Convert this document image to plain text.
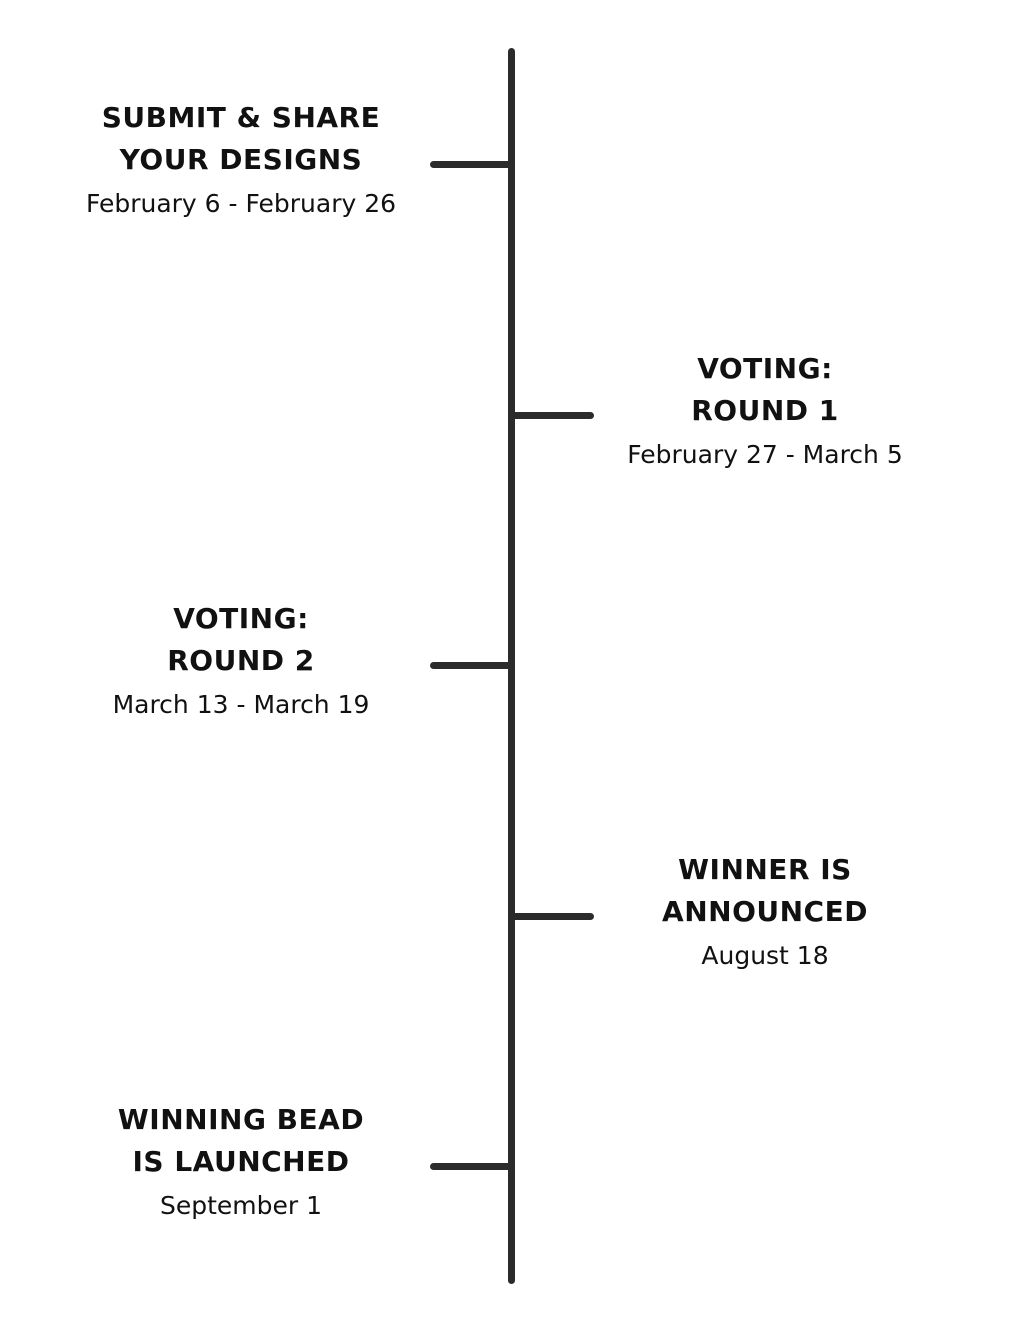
SUBMIT & SHARE
YOUR DESIGNS
February 6 - February 26
VOTING:
ROUND 1
February 27 - March 5
VOTING:
ROUND 2
March 13 - March 19
WINNER IS
ANNOUNCED
August 18
WINNING BEAD
IS LAUNCHED
September 1
